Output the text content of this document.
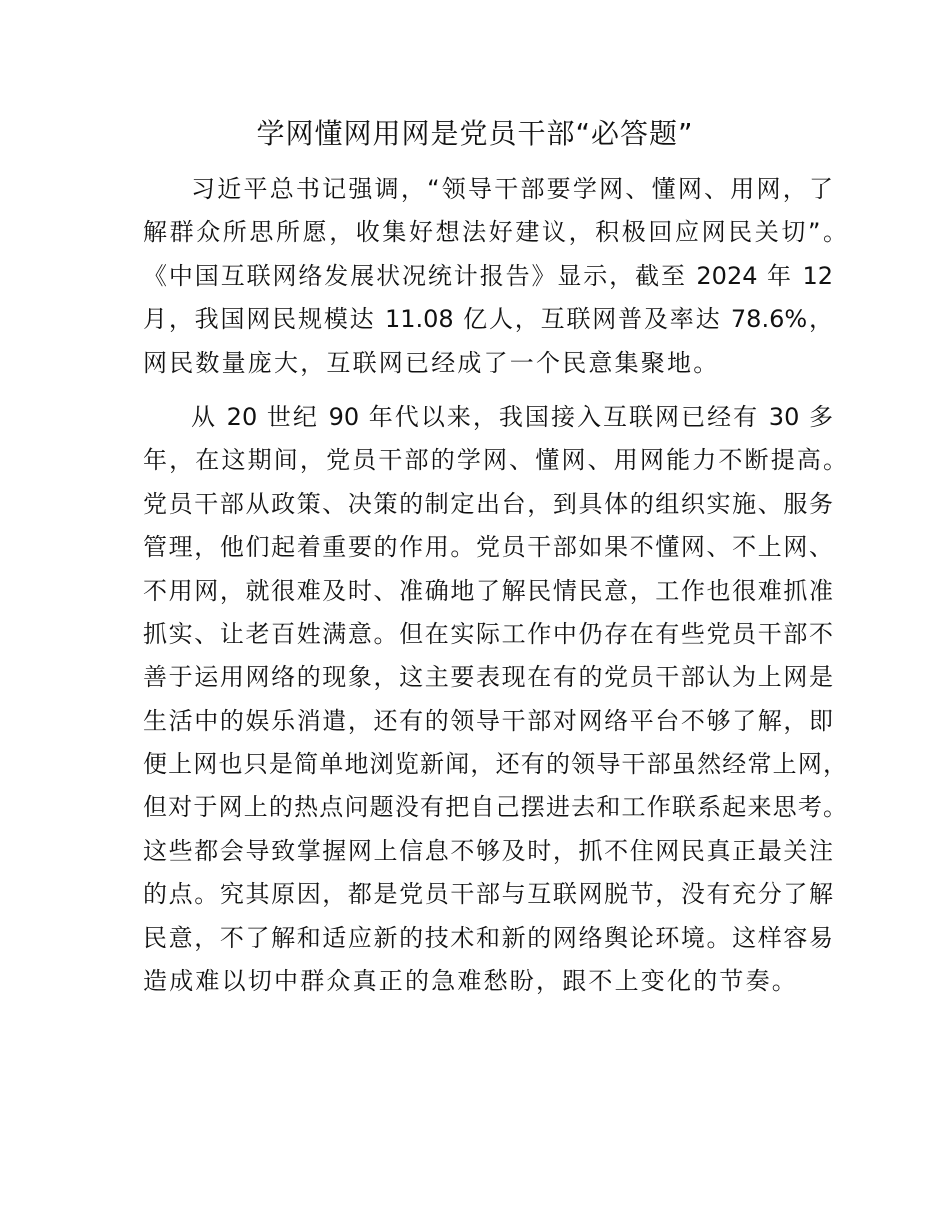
学网懂网用网是党员干部“必答题”
习近平总书记强调，“领导干部要学网、懂网、用网，了
解群众所思所愿，收集好想法好建议，积极回应网民关切”。
《中国互联网络发展状况统计报告》显示，截至 2024 年 12
月，我国网民规模达 11.08 亿人，互联网普及率达 78.6%，
网民数量庞大，互联网已经成了一个民意集聚地。
从 20 世纪 90 年代以来，我国接入互联网已经有 30 多
年，在这期间，党员干部的学网、懂网、用网能力不断提高。
党员干部从政策、决策的制定出台，到具体的组织实施、服务
管理，他们起着重要的作用。党员干部如果不懂网、不上网、
不用网，就很难及时、准确地了解民情民意，工作也很难抓准
抓实、让老百姓满意。但在实际工作中仍存在有些党员干部不
善于运用网络的现象，这主要表现在有的党员干部认为上网是
生活中的娱乐消遣，还有的领导干部对网络平台不够了解，即
便上网也只是简单地浏览新闻，还有的领导干部虽然经常上网，
但对于网上的热点问题没有把自己摆进去和工作联系起来思考。
这些都会导致掌握网上信息不够及时，抓不住网民真正最关注
的点。究其原因，都是党员干部与互联网脱节，没有充分了解
民意，不了解和适应新的技术和新的网络舆论环境。这样容易
造成难以切中群众真正的急难愁盼，跟不上变化的节奏。
